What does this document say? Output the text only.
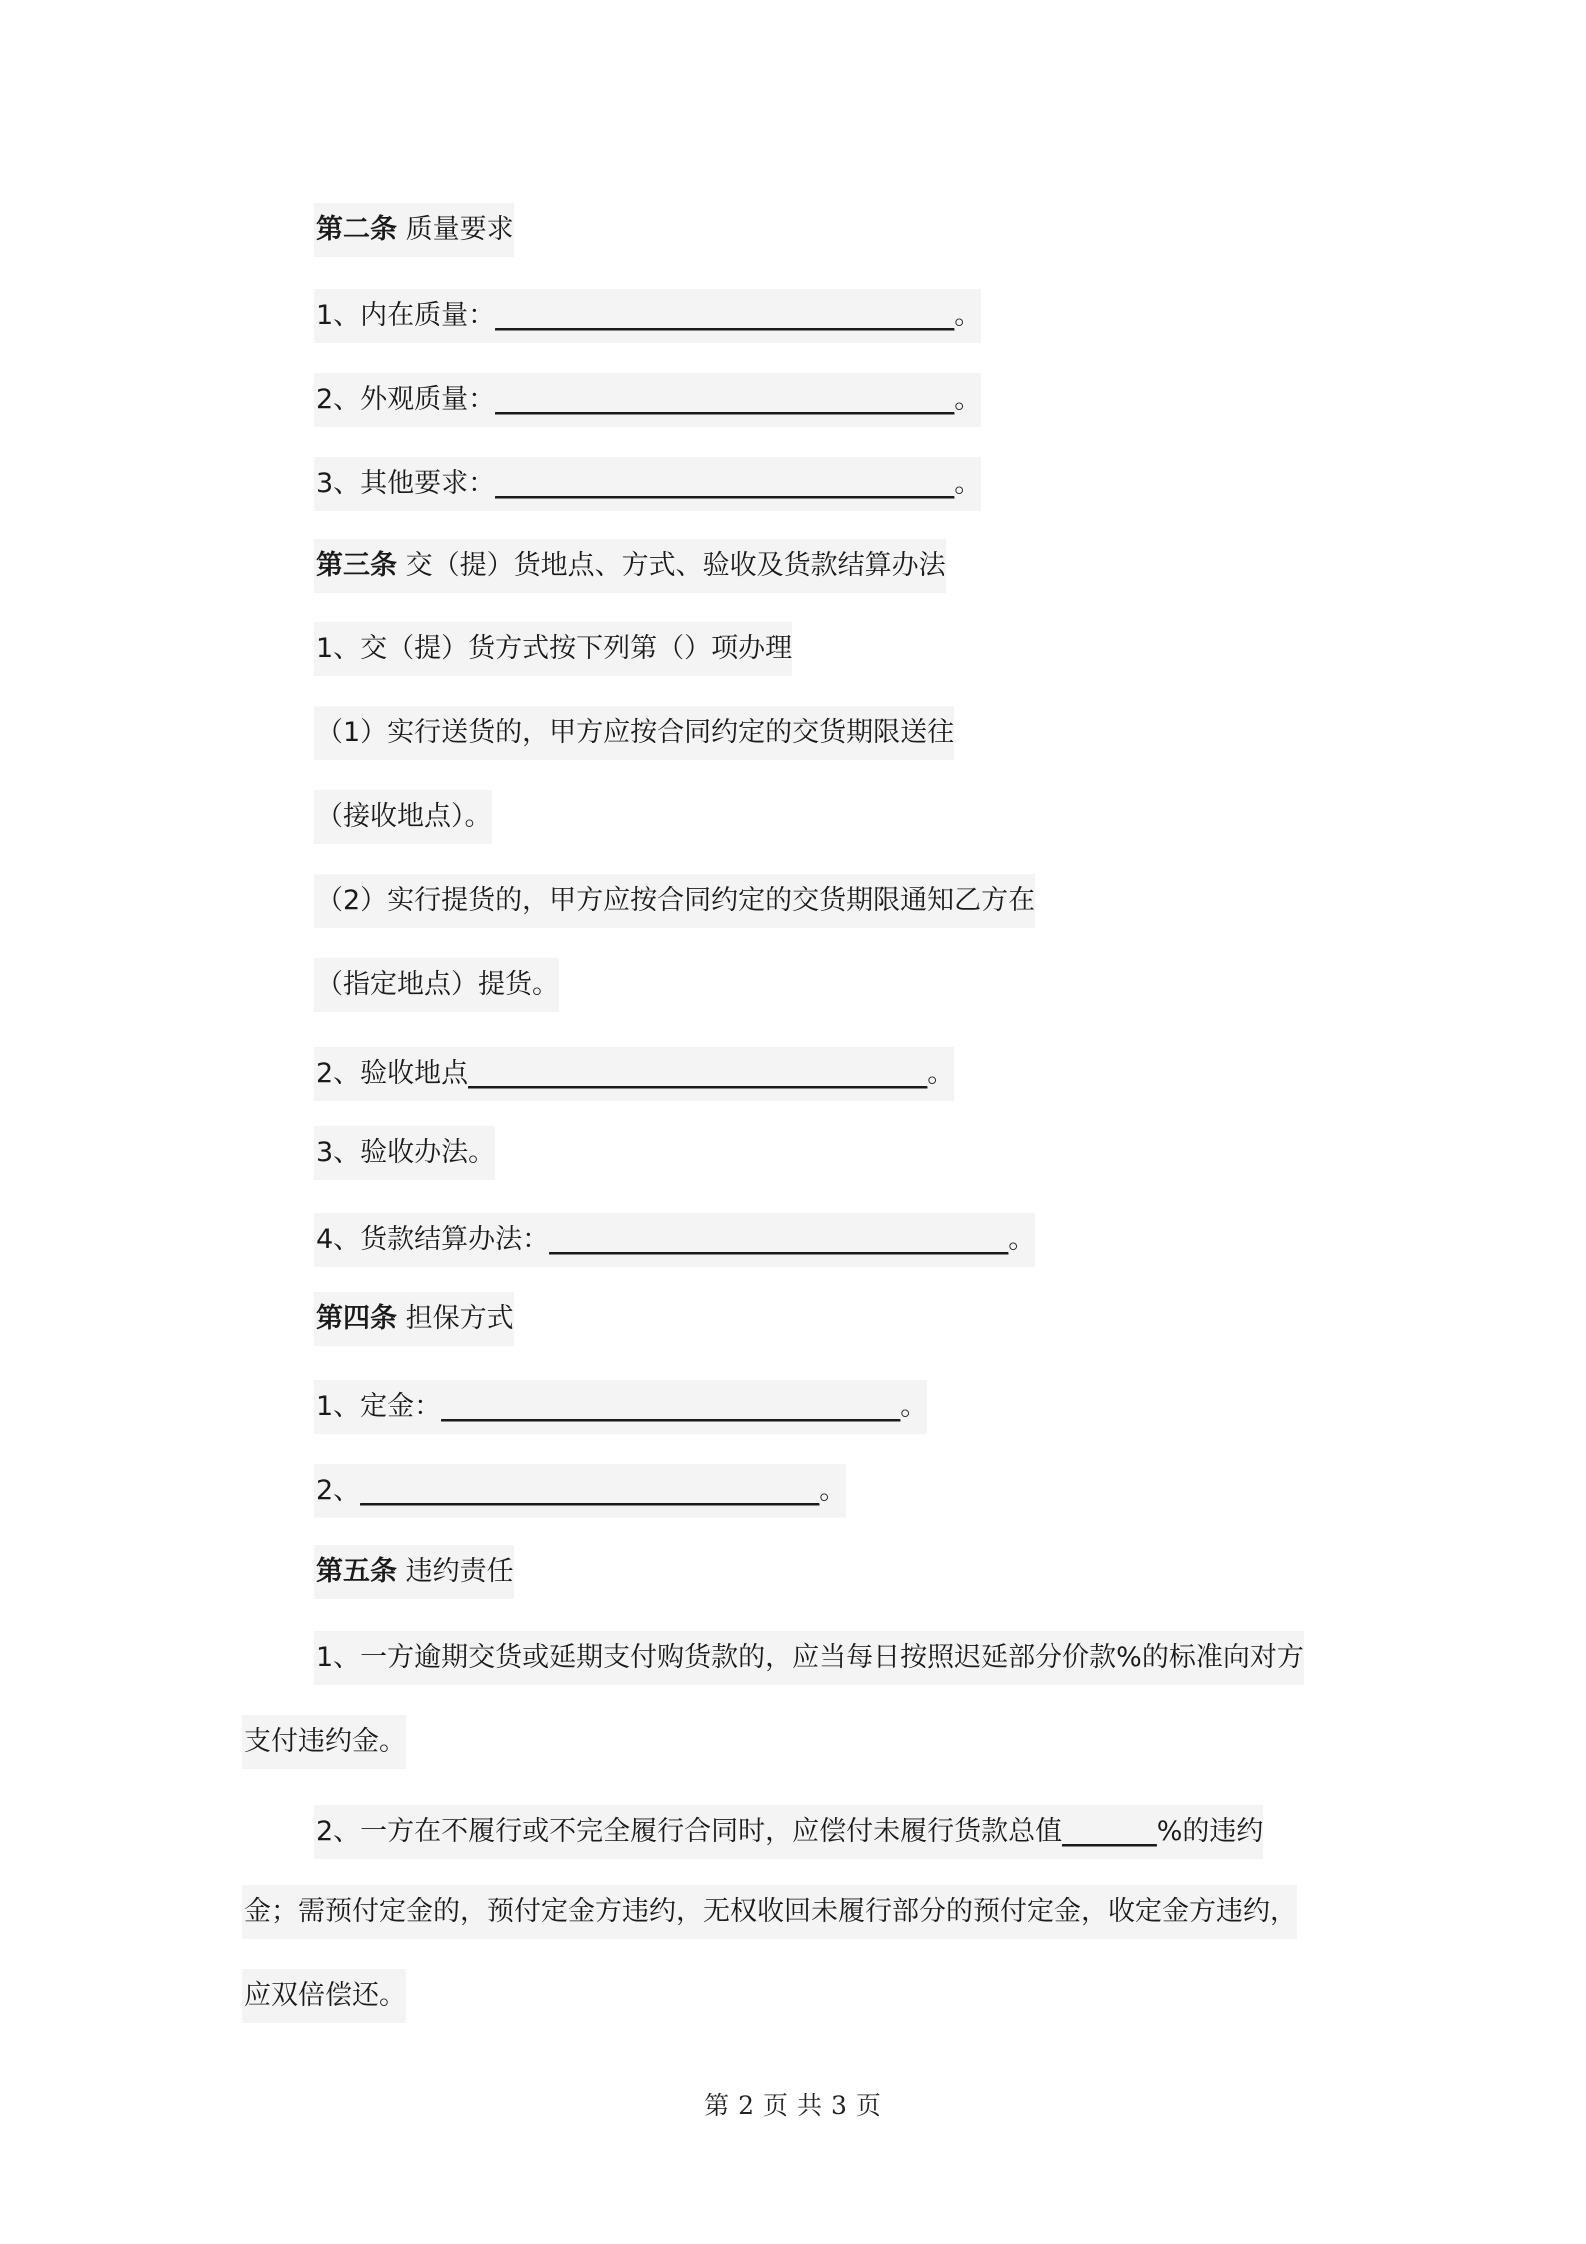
第二条 质量要求
1、内在质量：__________________________________。
2、外观质量：__________________________________。
3、其他要求：__________________________________。
第三条 交（提）货地点、方式、验收及货款结算办法
1、交（提）货方式按下列第（）项办理
（1）实行送货的，甲方应按合同约定的交货期限送往
（接收地点）。
（2）实行提货的，甲方应按合同约定的交货期限通知乙方在
（指定地点）提货。
2、验收地点__________________________________。
3、验收办法。
4、货款结算办法：__________________________________。
第四条 担保方式
1、定金：__________________________________。
2、__________________________________。
第五条 违约责任
1、一方逾期交货或延期支付购货款的，应当每日按照迟延部分价款%的标准向对方
支付违约金。
2、一方在不履行或不完全履行合同时，应偿付未履行货款总值_______%的违约
金；需预付定金的，预付定金方违约，无权收回未履行部分的预付定金，收定金方违约，
应双倍偿还。
第 2 页 共 3 页
